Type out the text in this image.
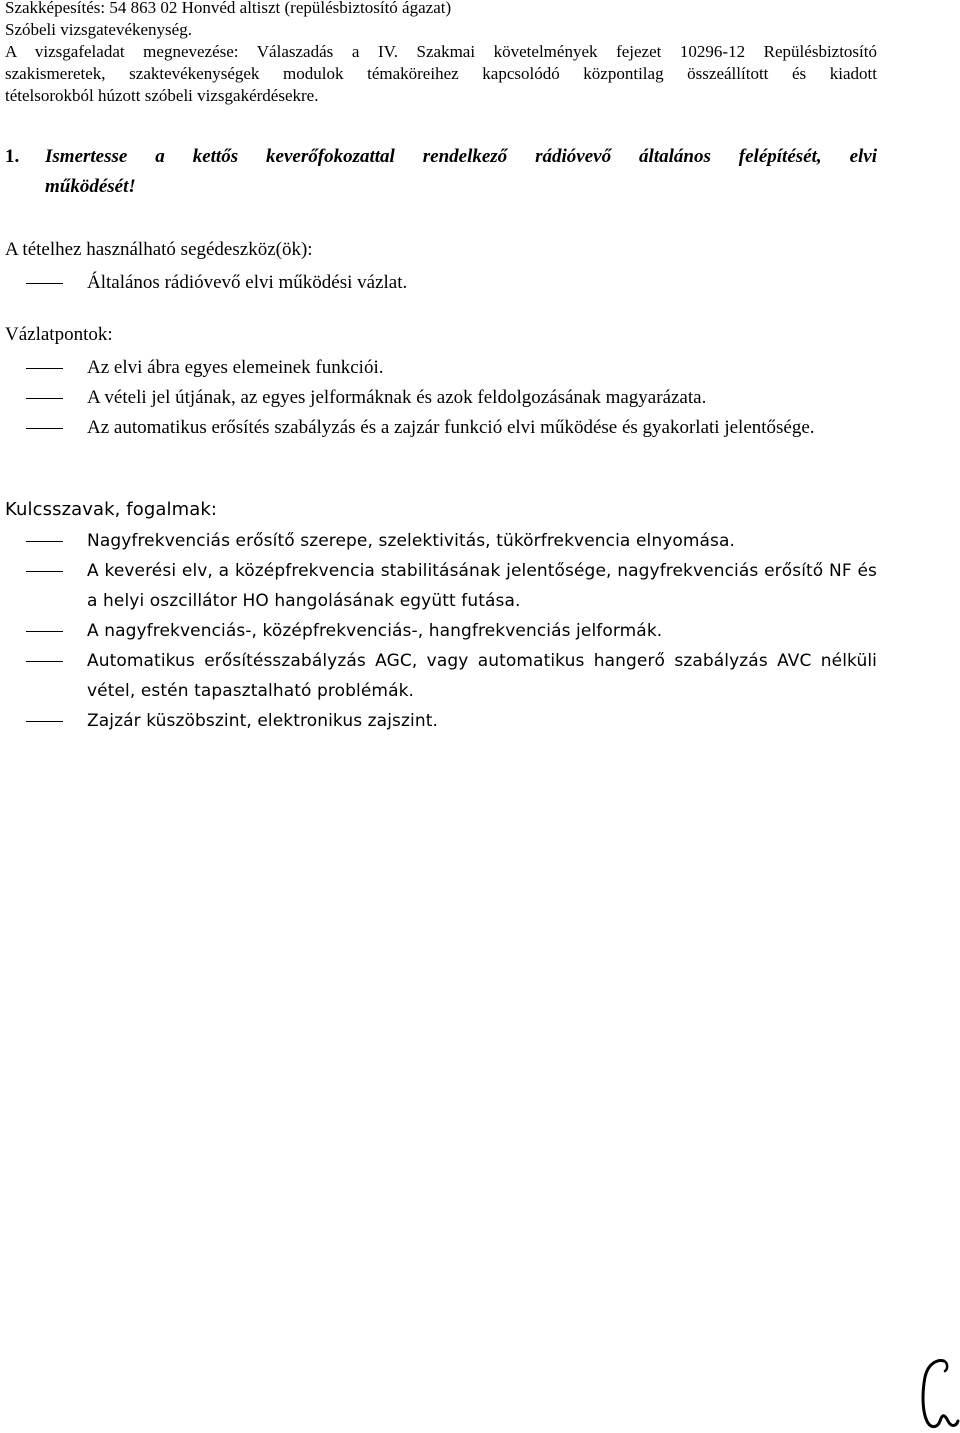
Szakképesítés: 54 863 02 Honvéd altiszt (repülésbiztosító ágazat)
Szóbeli vizsgatevékenység.
A vizsgafeladat megnevezése: Válaszadás a IV. Szakmai követelmények fejezet 10296-12 Repülésbiztosító
szakismeretek, szaktevékenységek modulok témaköreihez kapcsolódó központilag összeállított és kiadott
tételsorokból húzott szóbeli vizsgakérdésekre.
1. Ismertesse a kettős keverőfokozattal rendelkező rádióvevő általános felépítését, elvi
működését!
A tételhez használható segédeszköz(ök):
Általános rádióvevő elvi működési vázlat.
Vázlatpontok:
Az elvi ábra egyes elemeinek funkciói.
A vételi jel útjának, az egyes jelformáknak és azok feldolgozásának magyarázata.
Az automatikus erősítés szabályzás és a zajzár funkció elvi működése és gyakorlati jelentősége.
Kulcsszavak, fogalmak:
Nagyfrekvenciás erősítő szerepe, szelektivitás, tükörfrekvencia elnyomása.
A keverési elv, a középfrekvencia stabilitásának jelentősége, nagyfrekvenciás erősítő NF és a helyi oszcillátor HO hangolásának együtt futása.
A nagyfrekvenciás-, középfrekvenciás-, hangfrekvenciás jelformák.
Automatikus erősítésszabályzás AGC, vagy automatikus hangerő szabályzás AVC nélküli vétel, estén tapasztalható problémák.
Zajzár küszöbszint, elektronikus zajszint.
